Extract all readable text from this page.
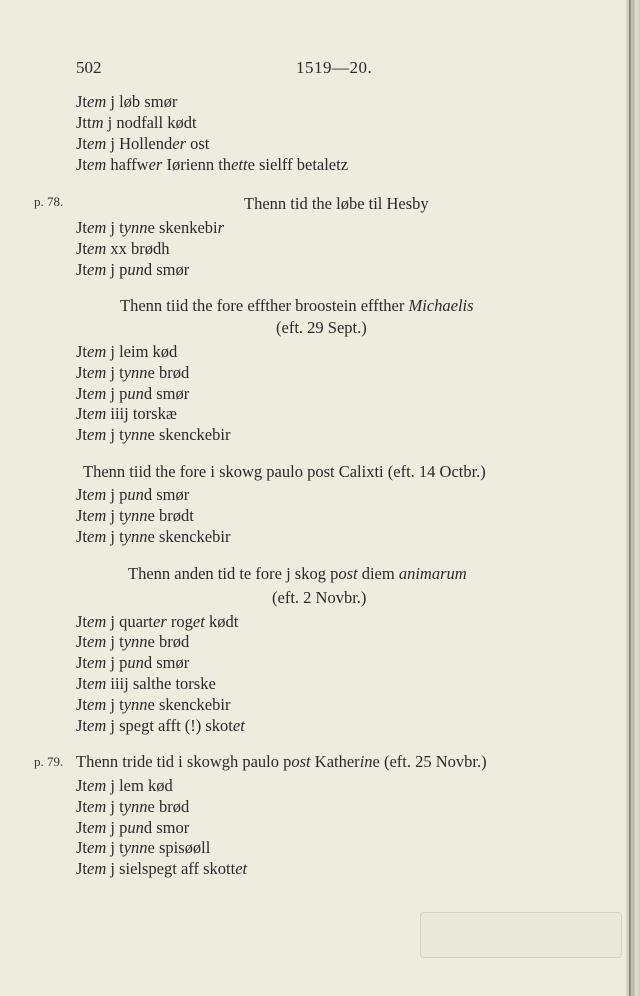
502	1519—20.
Jtem j løb smør
Jttm j nodfall kødt
Jtem j Hollender ost
Jtem haffwer Iørienn thette sielff betaletz
p. 78.	Thenn tid the løbe til Hesby
Jtem j tynne skenkebir
Jtem xx brødh
Jtem j pund smør
Thenn tiid the fore effther broostein effther Michaelis
(eft. 29 Sept.)
Jtem j leim kød
Jtem j tynne brød
Jtem j pund smør
Jtem iiij torskæ
Jtem j tynne skenckebir
Thenn tiid the fore i skowg paulo post Calixti (eft. 14 Octbr.)
Jtem j pund smør
Jtem j tynne brødt
Jtem j tynne skenckebir
Thenn anden tid te fore j skog post diem animarum
(eft. 2 Novbr.)
Jtem j quarter roget kødt
Jtem j tynne brød
Jtem j pund smør
Jtem iiij salthe torske
Jtem j tynne skenckebir
Jtem j spegt afft (!) skotet
p. 79. Thenn tride tid i skowgh paulo post Katherine (eft. 25 Novbr.)
Jtem j lem kød
Jtem j tynne brød
Jtem j pund smor
Jtem j tynne spisøøll
Jtem j sielspegt aff skottet
